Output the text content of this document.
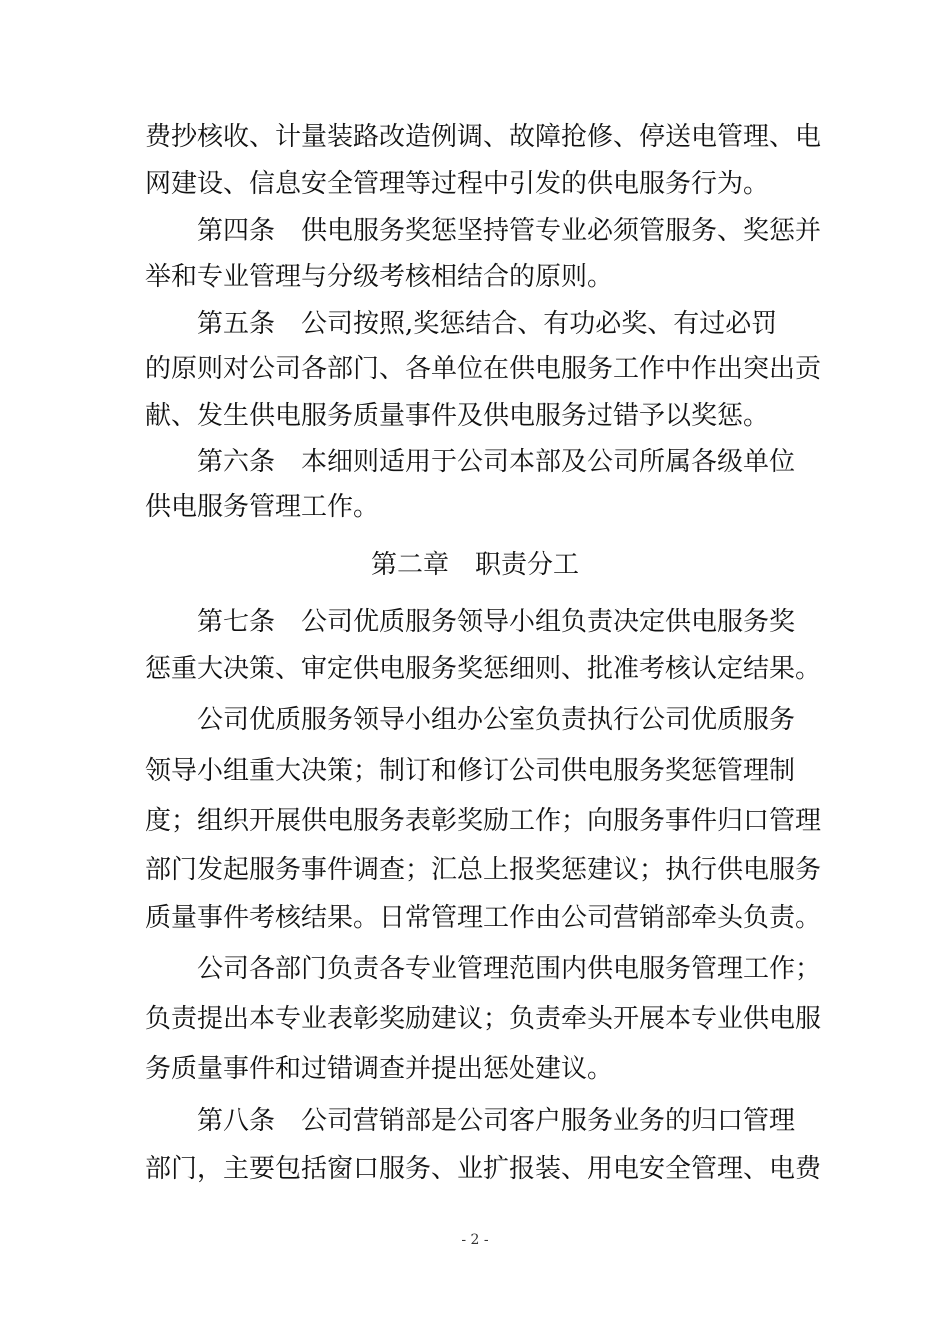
费抄核收、计量装路改造例调、故障抢修、停送电管理、电
网建设、信息安全管理等过程中引发的供电服务行为。
第四条　供电服务奖惩坚持管专业必须管服务、奖惩并
举和专业管理与分级考核相结合的原则。
第五条　公司按照,奖惩结合、有功必奖、有过必罚
的原则对公司各部门、各单位在供电服务工作中作出突出贡
献、发生供电服务质量事件及供电服务过错予以奖惩。
第六条　本细则适用于公司本部及公司所属各级单位
供电服务管理工作。
第二章　职责分工
第七条　公司优质服务领导小组负责决定供电服务奖
惩重大决策、审定供电服务奖惩细则、批准考核认定结果。
公司优质服务领导小组办公室负责执行公司优质服务
领导小组重大决策；制订和修订公司供电服务奖惩管理制
度；组织开展供电服务表彰奖励工作；向服务事件归口管理
部门发起服务事件调查；汇总上报奖惩建议；执行供电服务
质量事件考核结果。日常管理工作由公司营销部牵头负责。
公司各部门负责各专业管理范围内供电服务管理工作；
负责提出本专业表彰奖励建议；负责牵头开展本专业供电服
务质量事件和过错调查并提出惩处建议。
第八条　公司营销部是公司客户服务业务的归口管理
部门，主要包括窗口服务、业扩报装、用电安全管理、电费
- 2 -
